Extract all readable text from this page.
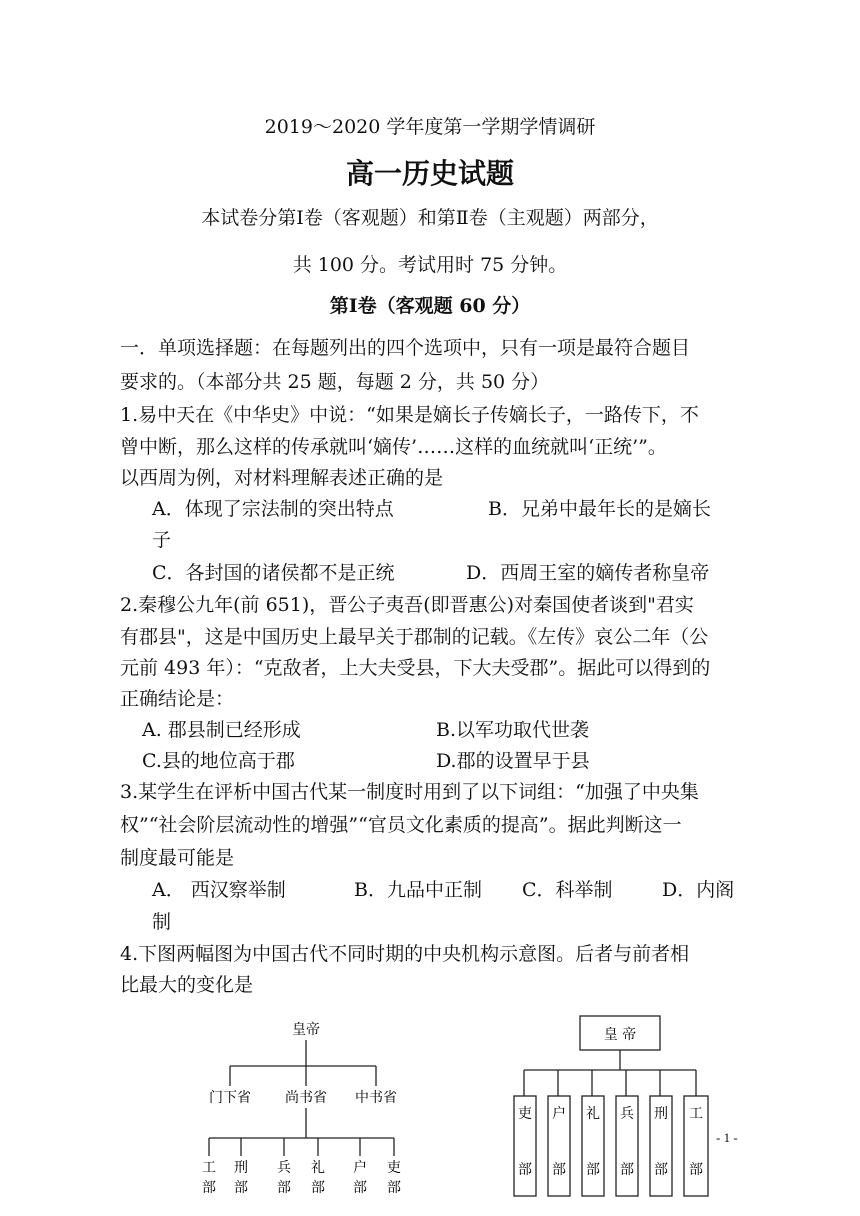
2019～2020 学年度第一学期学情调研
高一历史试题
本试卷分第Ⅰ卷（客观题）和第Ⅱ卷（主观题）两部分，
共 100 分。考试用时 75 分钟。
第Ⅰ卷（客观题 60 分）
一．单项选择题：在每题列出的四个选项中，只有一项是最符合题目
要求的。（本部分共 25 题，每题 2 分，共 50 分）
1.易中天在《中华史》中说：“如果是嫡长子传嫡长子，一路传下，不
曾中断，那么这样的传承就叫‘嫡传’……这样的血统就叫‘正统’”。
以西周为例，对材料理解表述正确的是
A．体现了宗法制的突出特点	B．兄弟中最年长的是嫡长
子
C．各封国的诸侯都不是正统	D．西周王室的嫡传者称皇帝
2.秦穆公九年(前 651)，晋公子夷吾(即晋惠公)对秦国使者谈到"君实
有郡县"，这是中国历史上最早关于郡制的记载。《左传》哀公二年（公
元前 493 年）：“克敌者，上大夫受县，下大夫受郡”。据此可以得到的
正确结论是：
A. 郡县制已经形成	B.以军功取代世袭
C.县的地位高于郡	D.郡的设置早于县
3.某学生在评析中国古代某一制度时用到了以下词组：“加强了中央集
权”“社会阶层流动性的增强”“官员文化素质的提高”。据此判断这一
制度最可能是
A． 西汉察举制	B．九品中正制 C．科举制	D．内阁
制
4.下图两幅图为中国古代不同时期的中央机构示意图。后者与前者相
比最大的变化是
皇帝
门下省 尚书省 中书省
工
部
刑
部
兵
部
礼
部
户
部
吏
部
皇 帝
吏
部
户
部
礼
部
兵
部
刑
部
工
部
- 1 -
